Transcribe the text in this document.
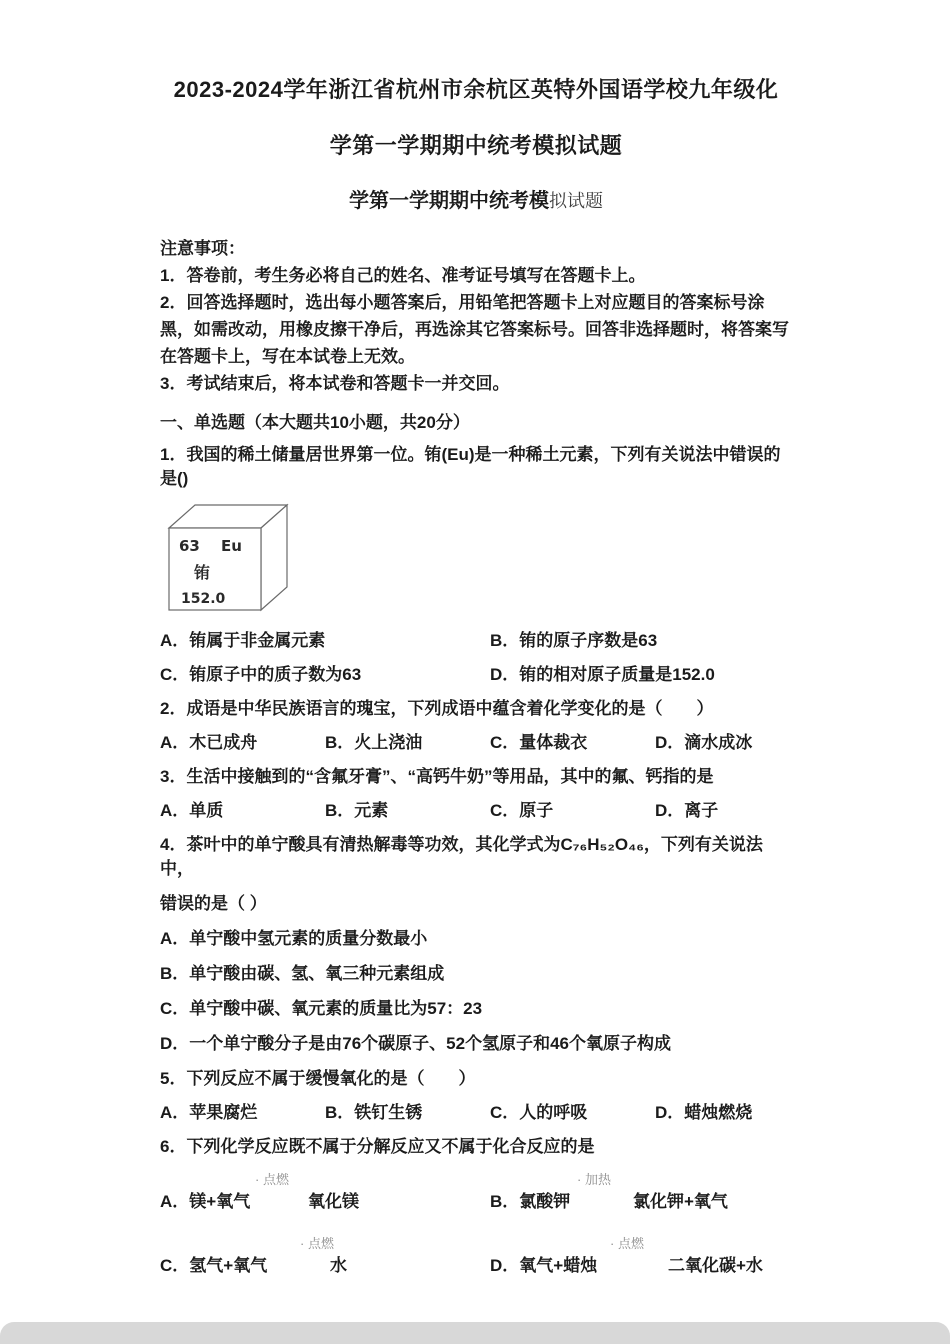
2023-2024学年浙江省杭州市余杭区英特外国语学校九年级化
学第一学期期中统考模拟试题
学第一学期期中统考模拟试题
注意事项：
1．答卷前，考生务必将自己的姓名、准考证号填写在答题卡上。
2．回答选择题时，选出每小题答案后，用铅笔把答题卡上对应题目的答案标号涂黑，如需改动，用橡皮擦干净后，再选涂其它答案标号。回答非选择题时，将答案写在答题卡上，写在本试卷上无效。
3．考试结束后，将本试卷和答题卡一并交回。
一、单选题（本大题共10小题，共20分）
1．我国的稀土储量居世界第一位。铕(Eu)是一种稀土元素，下列有关说法中错误的是()
63 Eu
铕
152.0
A．铕属于非金属元素	B．铕的原子序数是63
C．铕原子中的质子数为63	D．铕的相对原子质量是152.0
2．成语是中华民族语言的瑰宝，下列成语中蕴含着化学变化的是（　　）
A．木已成舟	B．火上浇油	C．量体裁衣	D．滴水成冰
3．生活中接触到的“含氟牙膏”、“高钙牛奶”等用品，其中的氟、钙指的是
A．单质	B．元素	C．原子	D．离子
4．茶叶中的单宁酸具有清热解毒等功效，其化学式为C₇₆H₅₂O₄₆，下列有关说法中，
错误的是（ ）
A．单宁酸中氢元素的质量分数最小
B．单宁酸由碳、氢、氧三种元素组成
C．单宁酸中碳、氧元素的质量比为57：23
D．一个单宁酸分子是由76个碳原子、52个氢原子和46个氧原子构成
5．下列反应不属于缓慢氧化的是（　　）
A．苹果腐烂	B．铁钉生锈	C．人的呼吸	D．蜡烛燃烧
6．下列化学反应既不属于分解反应又不属于化合反应的是
· 点燃	· 加热
A．镁+氧气	氧化镁	B．氯酸钾	氯化钾+氧气
· 点燃	· 点燃
C．氢气+氧气	水	D．氧气+蜡烛	二氧化碳+水
